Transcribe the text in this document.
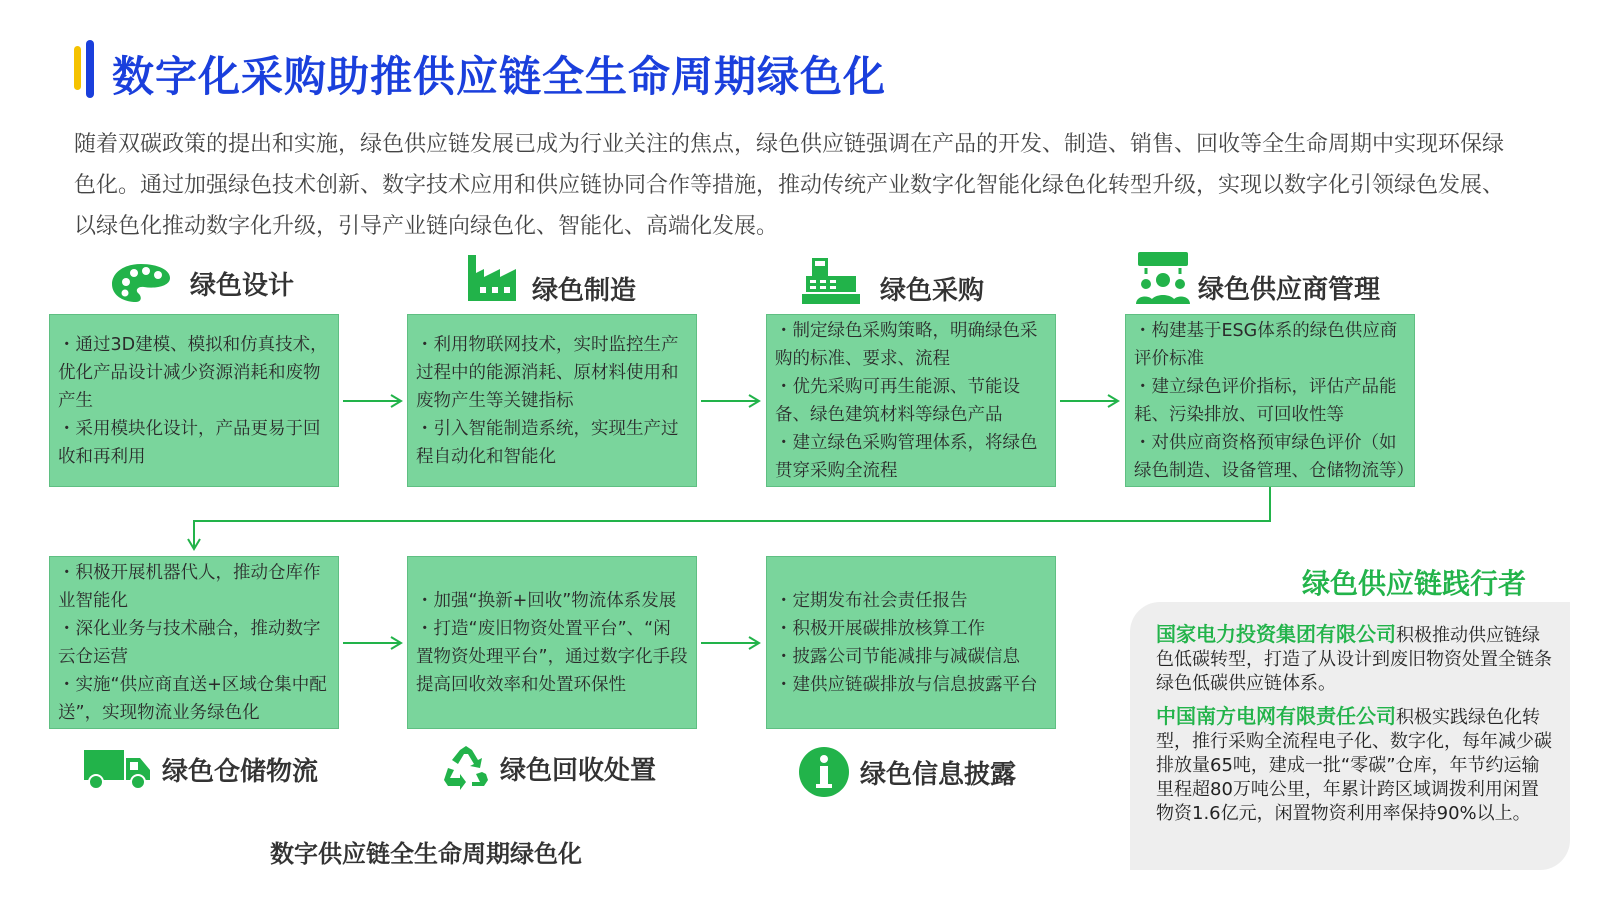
数字化采购助推供应链全生命周期绿色化
随着双碳政策的提出和实施，绿色供应链发展已成为行业关注的焦点，绿色供应链强调在产品的开发、制造、销售、回收等全生命周期中实现环保绿色化。通过加强绿色技术创新、数字技术应用和供应链协同合作等措施，推动传统产业数字化智能化绿色化转型升级，实现以数字化引领绿色发展、以绿色化推动数字化升级，引导产业链向绿色化、智能化、高端化发展。
绿色设计	绿色制造	绿色采购	绿色供应商管理
・通过3D建模、模拟和仿真技术，优化产品设计减少资源消耗和废物产生
・采用模块化设计，产品更易于回收和再利用
・利用物联网技术，实时监控生产过程中的能源消耗、原材料使用和废物产生等关键指标
・引入智能制造系统，实现生产过程自动化和智能化
・制定绿色采购策略，明确绿色采购的标准、要求、流程
・优先采购可再生能源、节能设备、绿色建筑材料等绿色产品
・建立绿色采购管理体系，将绿色贯穿采购全流程
・构建基于ESG体系的绿色供应商评价标准
・建立绿色评价指标，评估产品能耗、污染排放、可回收性等
・对供应商资格预审绿色评价（如绿色制造、设备管理、仓储物流等）
・积极开展机器代人，推动仓库作业智能化
・深化业务与技术融合，推动数字云仓运营
・实施“供应商直送+区域仓集中配送”，实现物流业务绿色化
・加强“换新+回收”物流体系发展
・打造“废旧物资处置平台”、“闲置物资处理平台”，通过数字化手段提高回收效率和处置环保性
・定期发布社会责任报告
・积极开展碳排放核算工作
・披露公司节能减排与减碳信息
・建供应链碳排放与信息披露平台
绿色仓储物流	绿色回收处置	绿色信息披露
数字供应链全生命周期绿色化
绿色供应链践行者

国家电力投资集团有限公司积极推动供应链绿色低碳转型，打造了从设计到废旧物资处置全链条绿色低碳供应链体系。

中国南方电网有限责任公司积极实践绿色化转型，推行采购全流程电子化、数字化，每年减少碳排放量65吨，建成一批“零碳”仓库，年节约运输里程超80万吨公里，年累计跨区域调拨利用闲置物资1.6亿元，闲置物资利用率保持90%以上。
